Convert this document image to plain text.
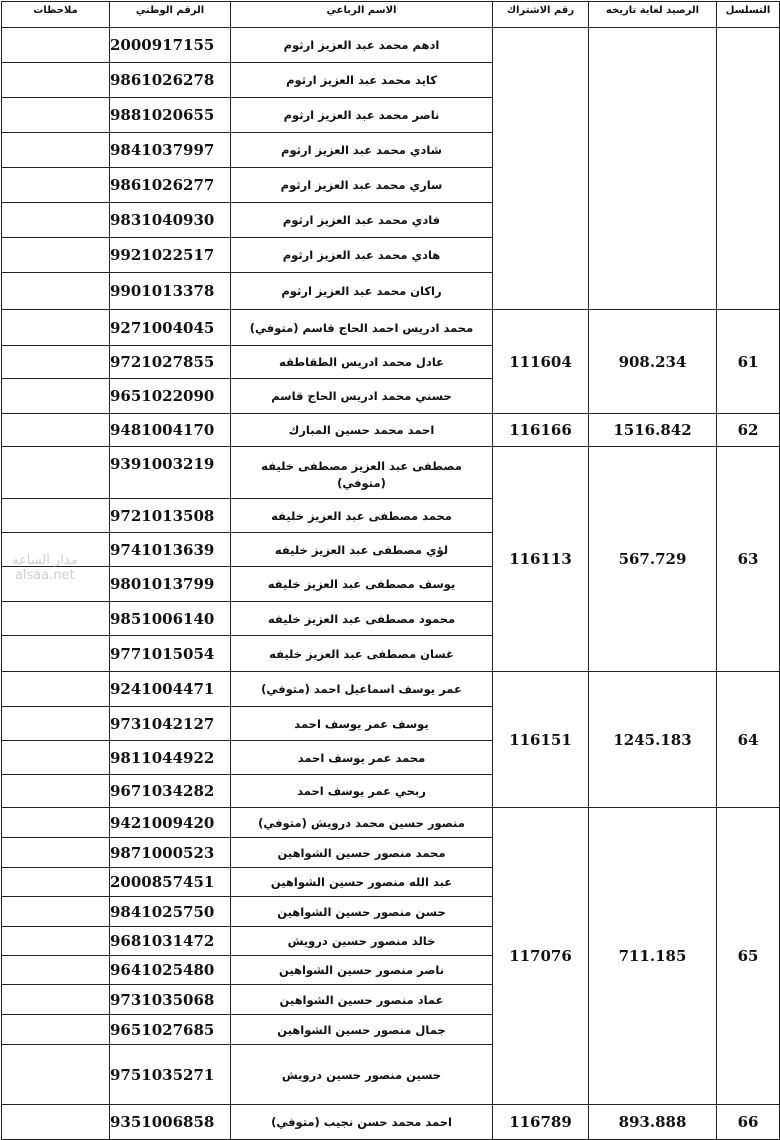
ملاحظات	الرقم الوطني	الاسم الرباعي	رقم الاشتراك	الرصيد لغاية تاريخه	التسلسل
	2000917155	ادهم محمد عبد العزيز ارثوم			
	9861026278	كايد محمد عبد العزيز ارثوم			
	9881020655	ناصر محمد عبد العزيز ارثوم			
	9841037997	شادي محمد عبد العزيز ارثوم			
	9861026277	ساري محمد عبد العزيز ارثوم			
	9831040930	فادي محمد عبد العزيز ارثوم			
	9921022517	هادي محمد عبد العزيز ارثوم			
	9901013378	راكان محمد عبد العزيز ارثوم			
	9271004045	محمد ادريس احمد الحاج قاسم (متوفي)	111604	908.234	61
	9721027855	عادل محمد ادريس الطقاطقه			
	9651022090	حسني محمد ادريس الحاج قاسم			
	9481004170	احمد محمد حسين المبارك	116166	1516.842	62
	9391003219	مصطفى عبد العزيز مصطفى خليفه (متوفي)	116113	567.729	63
	9721013508	محمد مصطفى عبد العزيز خليفه			
	9741013639	لؤي مصطفى عبد العزيز خليفه			
	9801013799	يوسف مصطفى عبد العزيز خليفه			
	9851006140	محمود مصطفى عبد العزيز خليفه			
	9771015054	غسان مصطفى عبد العزيز خليفه			
	9241004471	عمر يوسف اسماعيل احمد (متوفي)	116151	1245.183	64
	9731042127	يوسف عمر يوسف احمد			
	9811044922	محمد عمر يوسف احمد			
	9671034282	ربحي عمر يوسف احمد			
	9421009420	منصور حسين محمد درويش (متوفي)	117076	711.185	65
	9871000523	محمد منصور حسين الشواهين			
	2000857451	عبد الله منصور حسين الشواهين			
	9841025750	حسن منصور حسين الشواهين			
	9681031472	خالد منصور حسين درويش			
	9641025480	ناصر منصور حسين الشواهين			
	9731035068	عماد منصور حسين الشواهين			
	9651027685	جمال منصور حسين الشواهين			
	9751035271	حسين منصور حسين درويش			
	9351006858	احمد محمد حسن نجيب (متوفي)	116789	893.888	66
مدار الساعة
alsaa.net
